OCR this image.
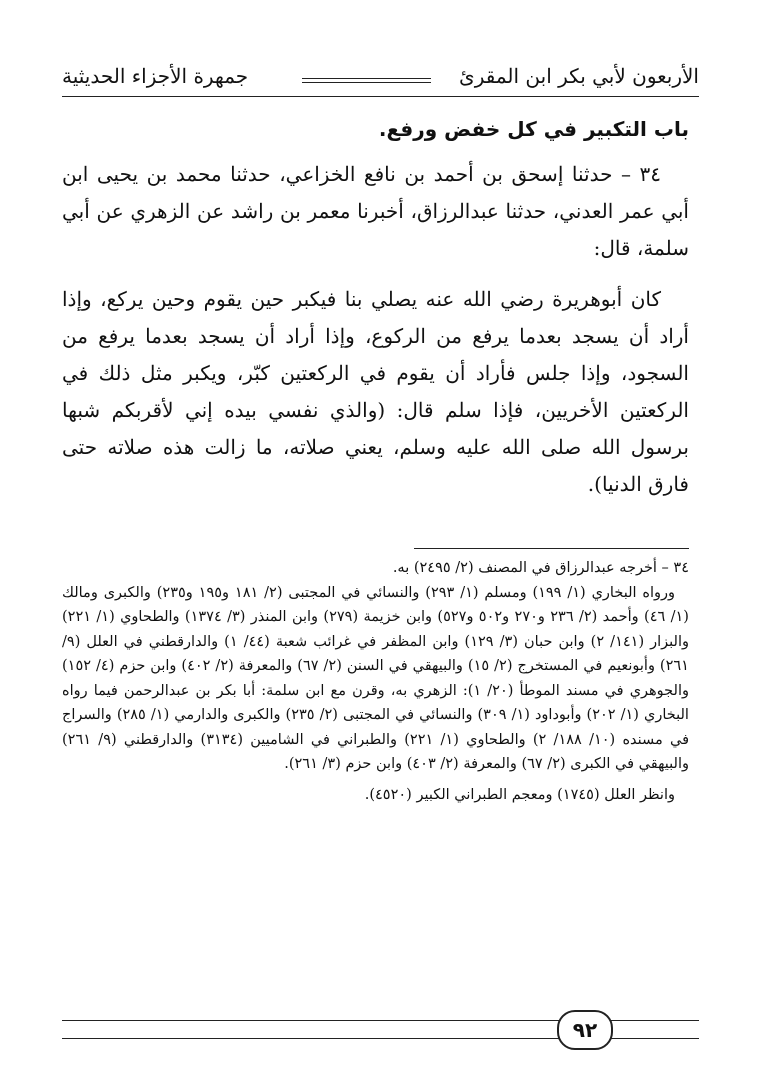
الأربعون لأبي بكر ابن المقرئ
جمهرة الأجزاء الحديثية
باب التكبير في كل خفض ورفع.

٣٤ – حدثنا إسحق بن أحمد بن نافع الخزاعي، حدثنا محمد بن يحيى ابن أبي عمر العدني، حدثنا عبدالرزاق، أخبرنا معمر بن راشد عن الزهري عن أبي سلمة، قال:

كان أبوهريرة رضي الله عنه يصلي بنا فيكبر حين يقوم وحين يركع، وإذا أراد أن يسجد بعدما يرفع من الركوع، وإذا أراد أن يسجد بعدما يرفع من السجود، وإذا جلس فأراد أن يقوم في الركعتين كبّر، ويكبر مثل ذلك في الركعتين الأخريين، فإذا سلم قال: (والذي نفسي بيده إني لأقربكم شبها برسول الله صلى الله عليه وسلم، يعني صلاته، ما زالت هذه صلاته حتى فارق الدنيا).

٣٤ – أخرجه عبدالرزاق في المصنف (٢/ ٢٤٩٥) به.

ورواه البخاري (١/ ١٩٩) ومسلم (١/ ٢٩٣) والنسائي في المجتبى (٢/ ١٨١ و١٩٥ و٢٣٥) والكبرى ومالك (١/ ٤٦) وأحمد (٢/ ٢٣٦ و٢٧٠ و٥٠٢ و٥٢٧) وابن خزيمة (٢٧٩) وابن المنذر (٣/ ١٣٧٤) والطحاوي (١/ ٢٢١) والبزار (١٤١/ ٢) وابن حبان (٣/ ١٢٩) وابن المظفر في غرائب شعبة (٤٤/ ١) والدارقطني في العلل (٩/ ٢٦١) وأبونعيم في المستخرج (٢/ ١٥) والبيهقي في السنن (٢/ ٦٧) والمعرفة (٢/ ٤٠٢) وابن حزم (٤/ ١٥٢) والجوهري في مسند الموطأ (٢٠/ ١): الزهري به، وقرن مع ابن سلمة: أبا بكر بن عبدالرحمن فيما رواه البخاري (١/ ٢٠٢) وأبوداود (١/ ٣٠٩) والنسائي في المجتبى (٢/ ٢٣٥) والكبرى والدارمي (١/ ٢٨٥) والسراج في مسنده (١٠/ ١٨٨/ ٢) والطحاوي (١/ ٢٢١) والطبراني في الشاميين (٣١٣٤) والدارقطني (٩/ ٢٦١) والبيهقي في الكبرى (٢/ ٦٧) والمعرفة (٢/ ٤٠٣) وابن حزم (٣/ ٢٦١).

وانظر العلل (١٧٤٥) ومعجم الطبراني الكبير (٤٥٢٠).

٩٢
